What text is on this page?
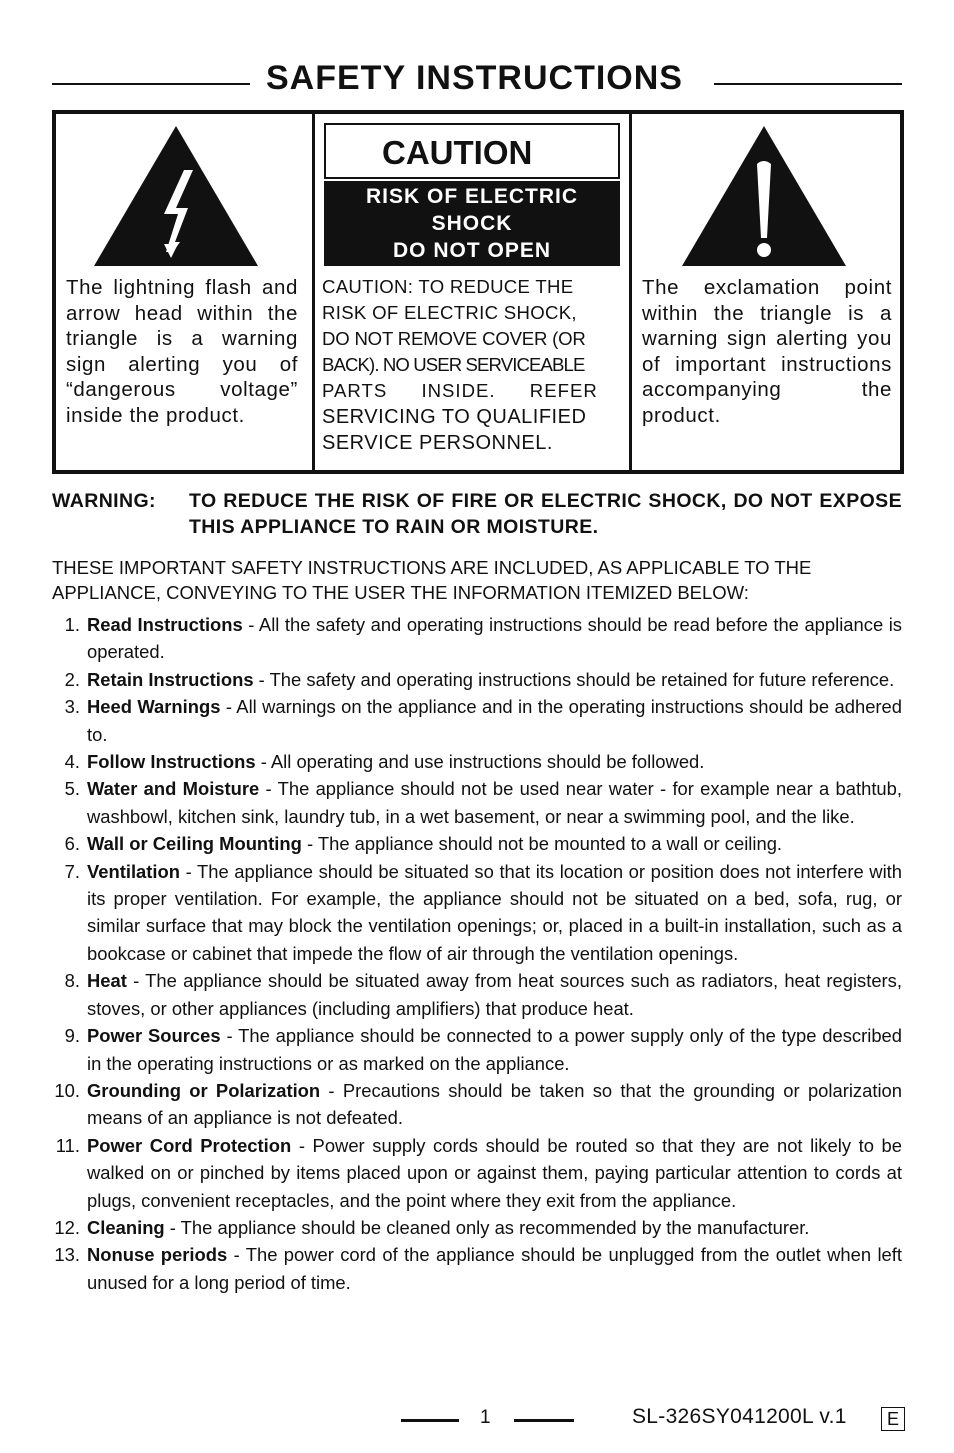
SAFETY INSTRUCTIONS
The lightning flash and arrow head within the triangle is a warning sign alerting you of “dangerous voltage” inside the product.
CAUTION
RISK OF ELECTRIC
SHOCK
DO NOT OPEN
CAUTION: TO REDUCE THE
RISK OF ELECTRIC SHOCK,
DO NOT REMOVE COVER (OR
BACK). NO USER SERVICEABLE
PARTS INSIDE. REFER
SERVICING TO QUALIFIED
SERVICE PERSONNEL.
The exclamation point within the triangle is a warning sign alerting you of important instructions accompanying the product.
WARNING: TO REDUCE THE RISK OF FIRE OR ELECTRIC SHOCK, DO NOT EXPOSE THIS APPLIANCE TO RAIN OR MOISTURE.
THESE IMPORTANT SAFETY INSTRUCTIONS ARE INCLUDED, AS APPLICABLE TO THE APPLIANCE, CONVEYING TO THE USER THE INFORMATION ITEMIZED BELOW:
1. Read Instructions - All the safety and operating instructions should be read before the appliance is operated.
2. Retain Instructions - The safety and operating instructions should be retained for future reference.
3. Heed Warnings - All warnings on the appliance and in the operating instructions should be adhered to.
4. Follow Instructions - All operating and use instructions should be followed.
5. Water and Moisture - The appliance should not be used near water - for example near a bathtub, washbowl, kitchen sink, laundry tub, in a wet basement, or near a swimming pool, and the like.
6. Wall or Ceiling Mounting - The appliance should not be mounted to a wall or ceiling.
7. Ventilation - The appliance should be situated so that its location or position does not interfere with its proper ventilation. For example, the appliance should not be situated on a bed, sofa, rug, or similar surface that may block the ventilation openings; or, placed in a built-in installation, such as a bookcase or cabinet that impede the flow of air through the ventilation openings.
8. Heat - The appliance should be situated away from heat sources such as radiators, heat registers, stoves, or other appliances (including amplifiers) that produce heat.
9. Power Sources - The appliance should be connected to a power supply only of the type described in the operating instructions or as marked on the appliance.
10. Grounding or Polarization - Precautions should be taken so that the grounding or polarization means of an appliance is not defeated.
11. Power Cord Protection - Power supply cords should be routed so that they are not likely to be walked on or pinched by items placed upon or against them, paying particular attention to cords at plugs, convenient receptacles, and the point where they exit from the appliance.
12. Cleaning - The appliance should be cleaned only as recommended by the manufacturer.
13. Nonuse periods - The power cord of the appliance should be unplugged from the outlet when left unused for a long period of time.
1	SL-326SY041200L v.1	E
